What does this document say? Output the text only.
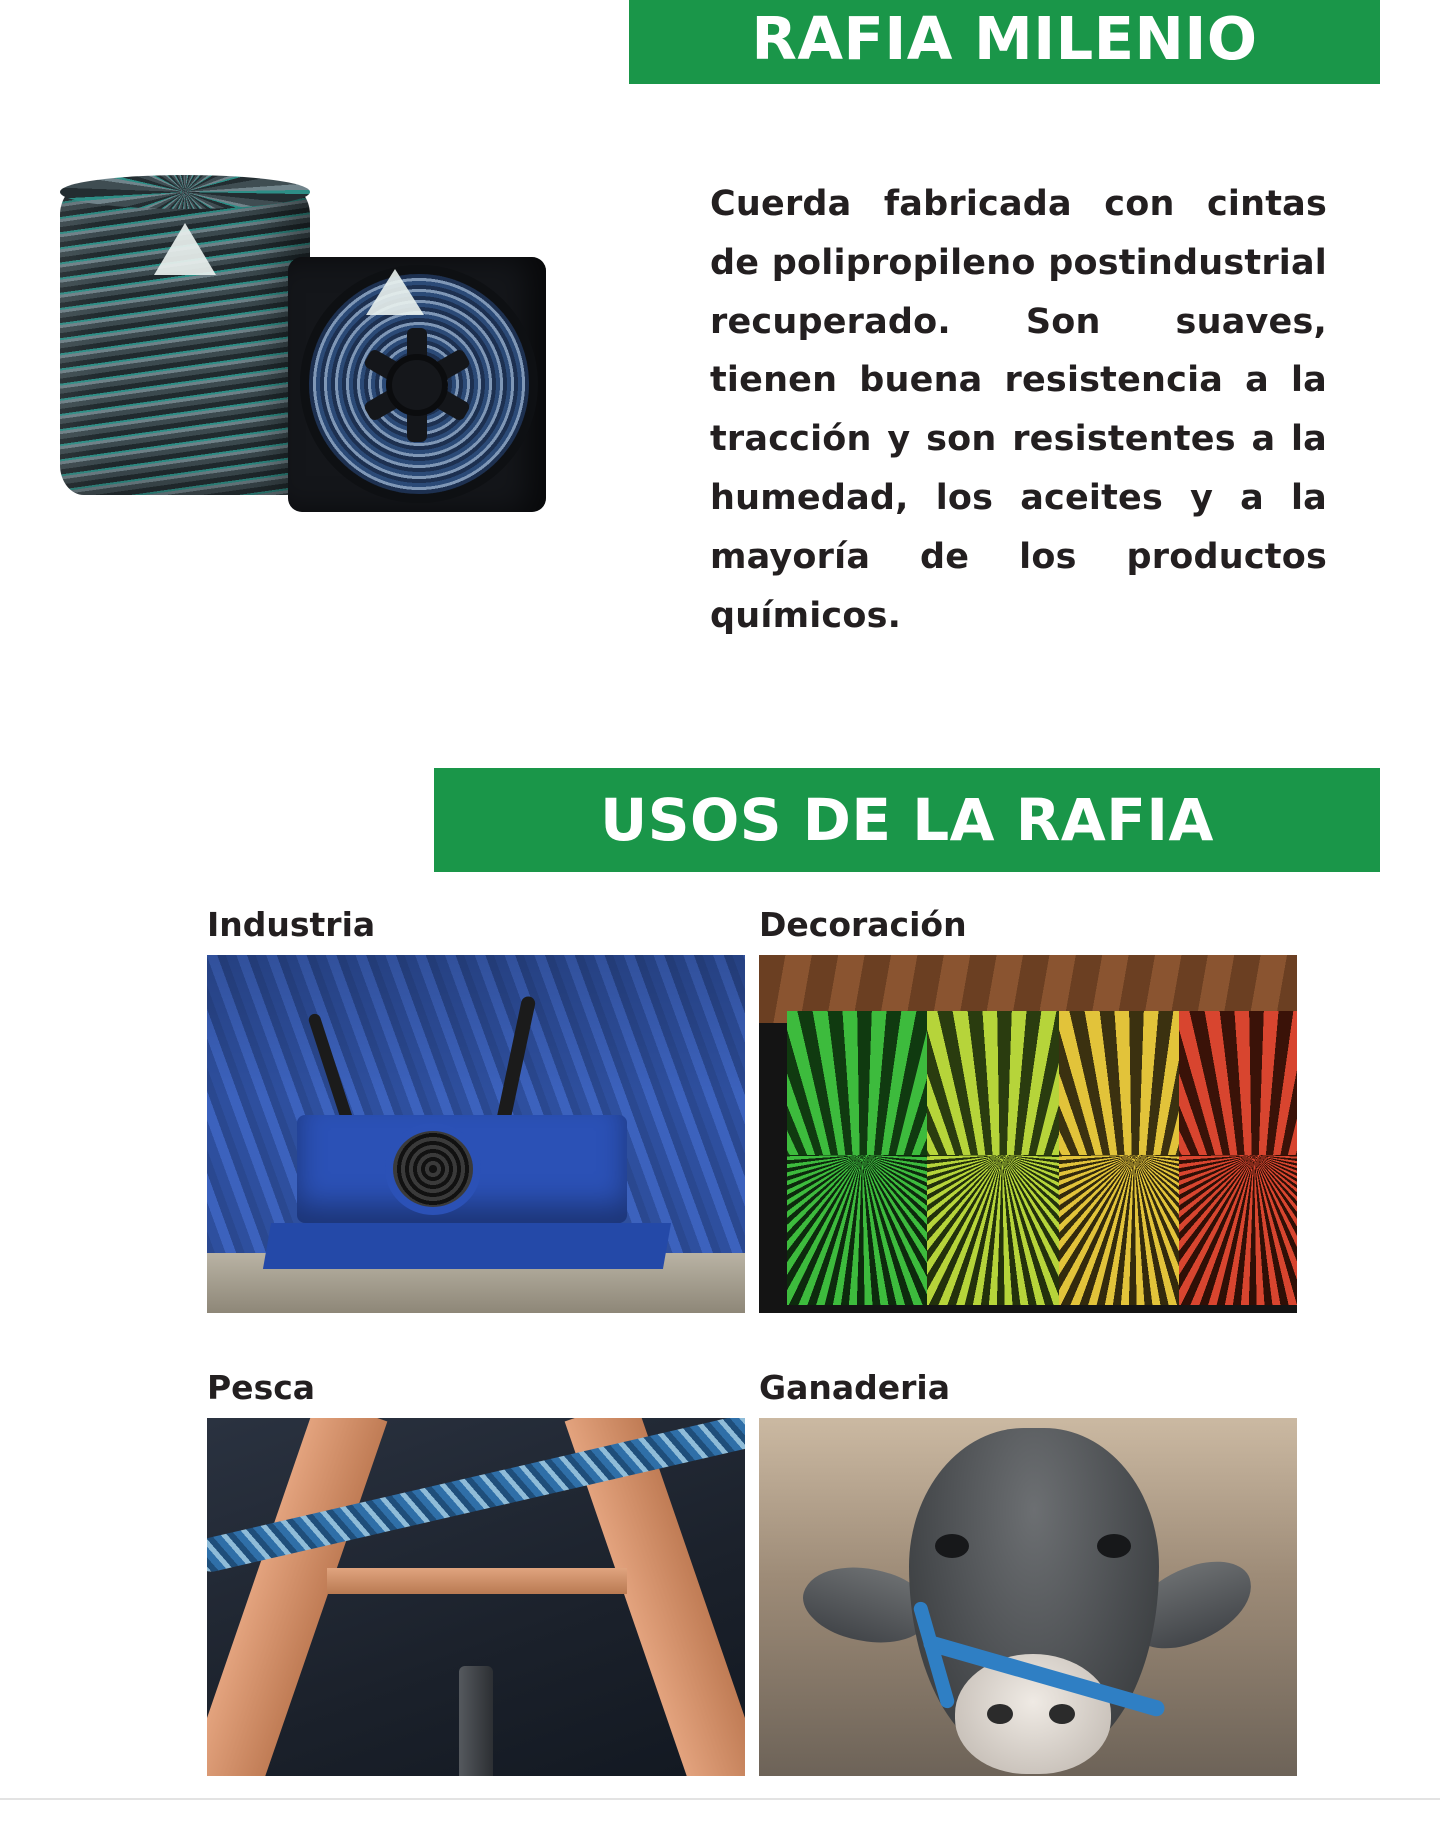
RAFIA MILENIO

Cuerda fabricada con cintas de polipropileno postindustrial recuperado. Son suaves, tienen buena resistencia a la tracción y son resistentes a la humedad, los aceites y a la mayoría de los productos químicos.

USOS DE LA RAFIA
Industria	Decoración
Pesca	Ganaderia
